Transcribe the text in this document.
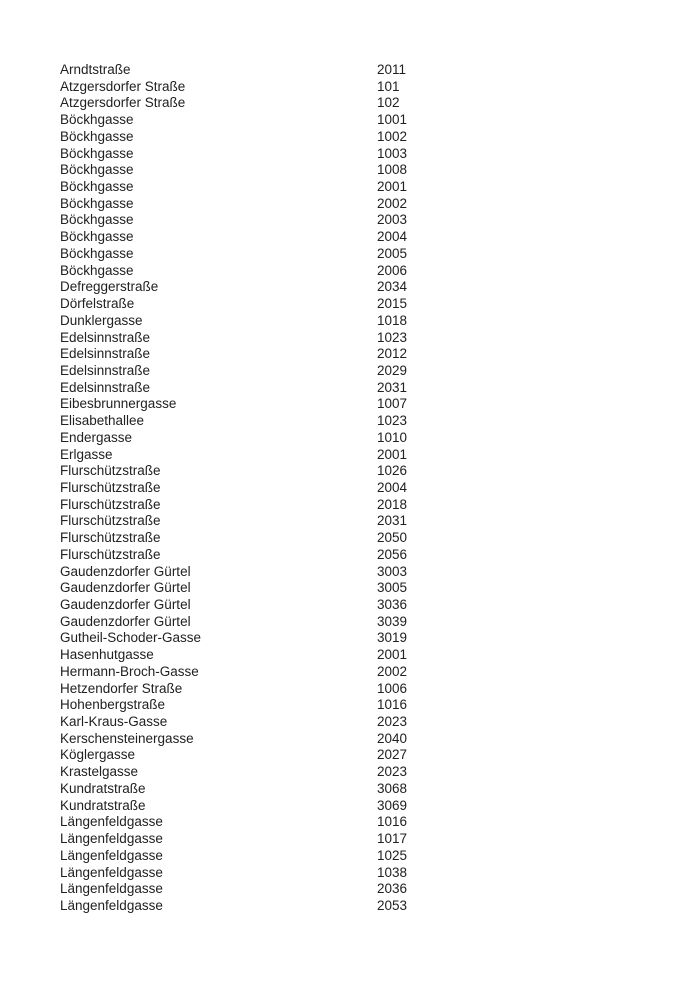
Arndtstraße	2011
Atzgersdorfer Straße	101
Atzgersdorfer Straße	102
Böckhgasse	1001
Böckhgasse	1002
Böckhgasse	1003
Böckhgasse	1008
Böckhgasse	2001
Böckhgasse	2002
Böckhgasse	2003
Böckhgasse	2004
Böckhgasse	2005
Böckhgasse	2006
Defreggerstraße	2034
Dörfelstraße	2015
Dunklergasse	1018
Edelsinnstraße	1023
Edelsinnstraße	2012
Edelsinnstraße	2029
Edelsinnstraße	2031
Eibesbrunnergasse	1007
Elisabethallee	1023
Endergasse	1010
Erlgasse	2001
Flurschützstraße	1026
Flurschützstraße	2004
Flurschützstraße	2018
Flurschützstraße	2031
Flurschützstraße	2050
Flurschützstraße	2056
Gaudenzdorfer Gürtel	3003
Gaudenzdorfer Gürtel	3005
Gaudenzdorfer Gürtel	3036
Gaudenzdorfer Gürtel	3039
Gutheil-Schoder-Gasse	3019
Hasenhutgasse	2001
Hermann-Broch-Gasse	2002
Hetzendorfer Straße	1006
Hohenbergstraße	1016
Karl-Kraus-Gasse	2023
Kerschensteinergasse	2040
Köglergasse	2027
Krastelgasse	2023
Kundratstraße	3068
Kundratstraße	3069
Längenfeldgasse	1016
Längenfeldgasse	1017
Längenfeldgasse	1025
Längenfeldgasse	1038
Längenfeldgasse	2036
Längenfeldgasse	2053
